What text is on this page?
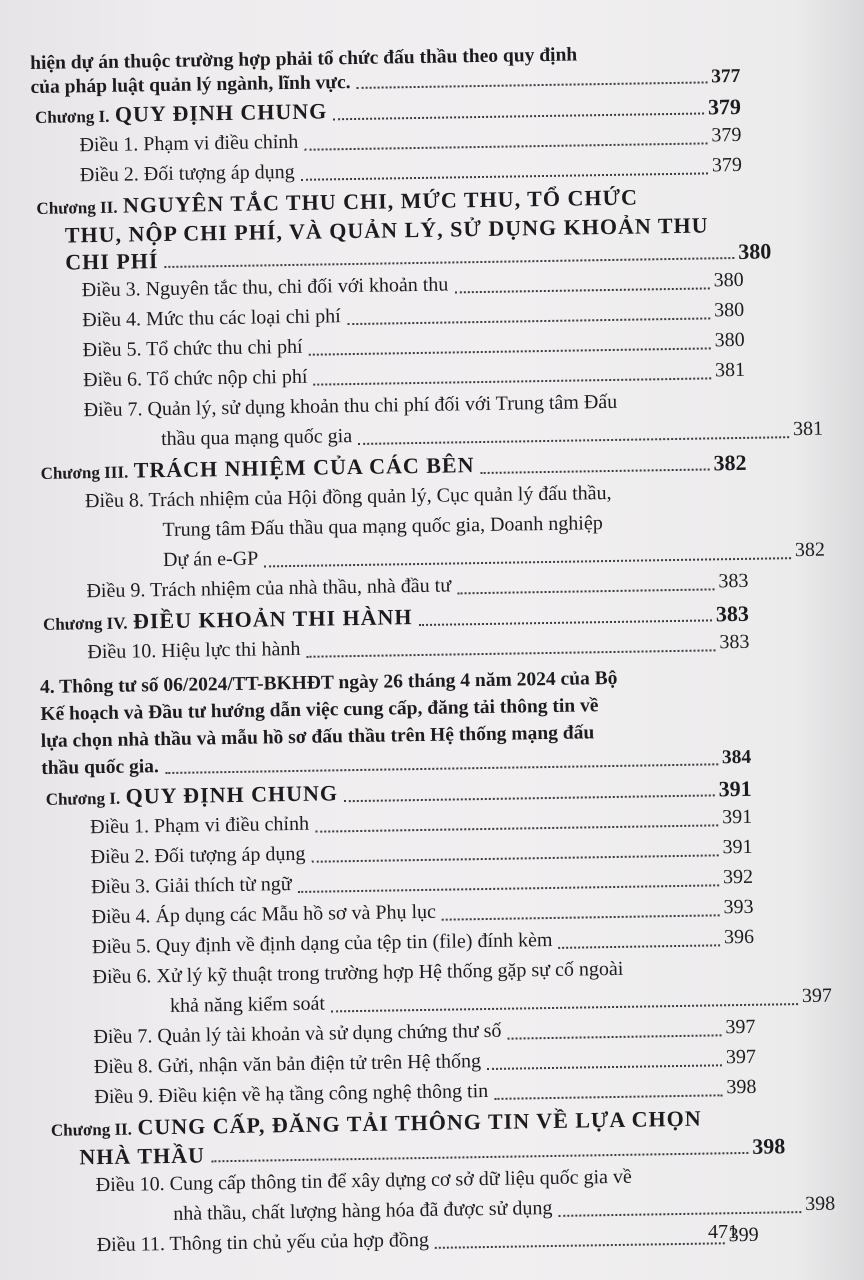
hiện dự án thuộc trường hợp phải tổ chức đấu thầu theo quy định
của pháp luật quản lý ngành, lĩnh vực.	377
Chương I. QUY ĐỊNH CHUNG	379
Điều 1. Phạm vi điều chỉnh	379
Điều 2. Đối tượng áp dụng	379
Chương II. NGUYÊN TẮC THU CHI, MỨC THU, TỔ CHỨC
THU, NỘP CHI PHÍ, VÀ QUẢN LÝ, SỬ DỤNG KHOẢN THU
CHI PHÍ	380
Điều 3. Nguyên tắc thu, chi đối với khoản thu	380
Điều 4. Mức thu các loại chi phí	380
Điều 5. Tổ chức thu chi phí	380
Điều 6. Tổ chức nộp chi phí	381
Điều 7. Quản lý, sử dụng khoản thu chi phí đối với Trung tâm Đấu
thầu qua mạng quốc gia	381
Chương III. TRÁCH NHIỆM CỦA CÁC BÊN	382
Điều 8. Trách nhiệm của Hội đồng quản lý, Cục quản lý đấu thầu,
Trung tâm Đấu thầu qua mạng quốc gia, Doanh nghiệp
Dự án e-GP	382
Điều 9. Trách nhiệm của nhà thầu, nhà đầu tư	383
Chương IV. ĐIỀU KHOẢN THI HÀNH	383
Điều 10. Hiệu lực thi hành	383
4. Thông tư số 06/2024/TT-BKHĐT ngày 26 tháng 4 năm 2024 của Bộ
Kế hoạch và Đầu tư hướng dẫn việc cung cấp, đăng tải thông tin về
lựa chọn nhà thầu và mẫu hồ sơ đấu thầu trên Hệ thống mạng đấu
thầu quốc gia.	384
Chương I. QUY ĐỊNH CHUNG	391
Điều 1. Phạm vi điều chỉnh	391
Điều 2. Đối tượng áp dụng	391
Điều 3. Giải thích từ ngữ	392
Điều 4. Áp dụng các Mẫu hồ sơ và Phụ lục	393
Điều 5. Quy định về định dạng của tệp tin (file) đính kèm	396
Điều 6. Xử lý kỹ thuật trong trường hợp Hệ thống gặp sự cố ngoài
khả năng kiểm soát	397
Điều 7. Quản lý tài khoản và sử dụng chứng thư số	397
Điều 8. Gửi, nhận văn bản điện tử trên Hệ thống	397
Điều 9. Điều kiện về hạ tầng công nghệ thông tin	398
Chương II. CUNG CẤP, ĐĂNG TẢI THÔNG TIN VỀ LỰA CHỌN
NHÀ THẦU	398
Điều 10. Cung cấp thông tin để xây dựng cơ sở dữ liệu quốc gia về
nhà thầu, chất lượng hàng hóa đã được sử dụng	398
Điều 11. Thông tin chủ yếu của hợp đồng	399
471
